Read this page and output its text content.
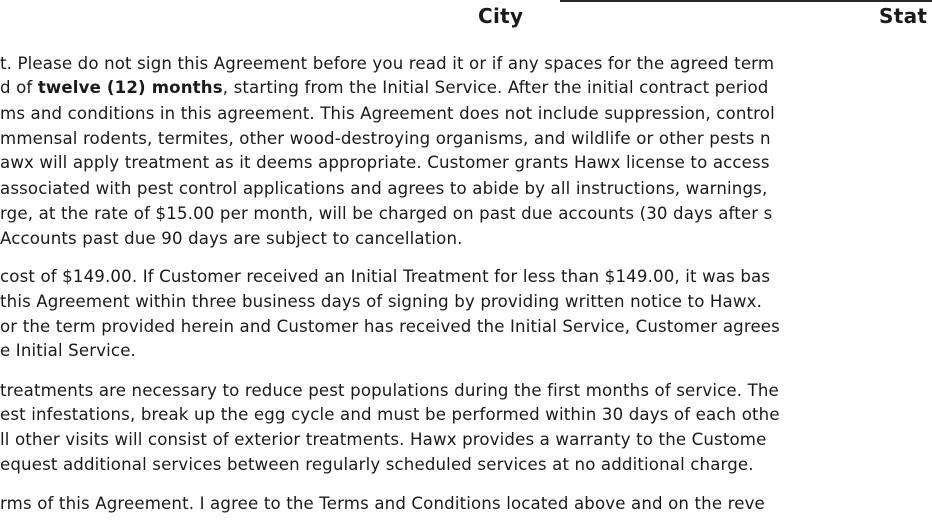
City	Stat
t. Please do not sign this Agreement before you read it or if any spaces for the agreed term
d of twelve (12) months, starting from the Initial Service. After the initial contract period
ms and conditions in this agreement. This Agreement does not include suppression, control
mmensal rodents, termites, other wood-destroying organisms, and wildlife or other pests n
awx will apply treatment as it deems appropriate. Customer grants Hawx license to access
associated with pest control applications and agrees to abide by all instructions, warnings,
rge, at the rate of $15.00 per month, will be charged on past due accounts (30 days after s
Accounts past due 90 days are subject to cancellation.
cost of $149.00. If Customer received an Initial Treatment for less than $149.00, it was bas
this Agreement within three business days of signing by providing written notice to Hawx.
or the term provided herein and Customer has received the Initial Service, Customer agrees
e Initial Service.
treatments are necessary to reduce pest populations during the first months of service. The
est infestations, break up the egg cycle and must be performed within 30 days of each othe
ll other visits will consist of exterior treatments. Hawx provides a warranty to the Custome
equest additional services between regularly scheduled services at no additional charge.
rms of this Agreement. I agree to the Terms and Conditions located above and on the reve
